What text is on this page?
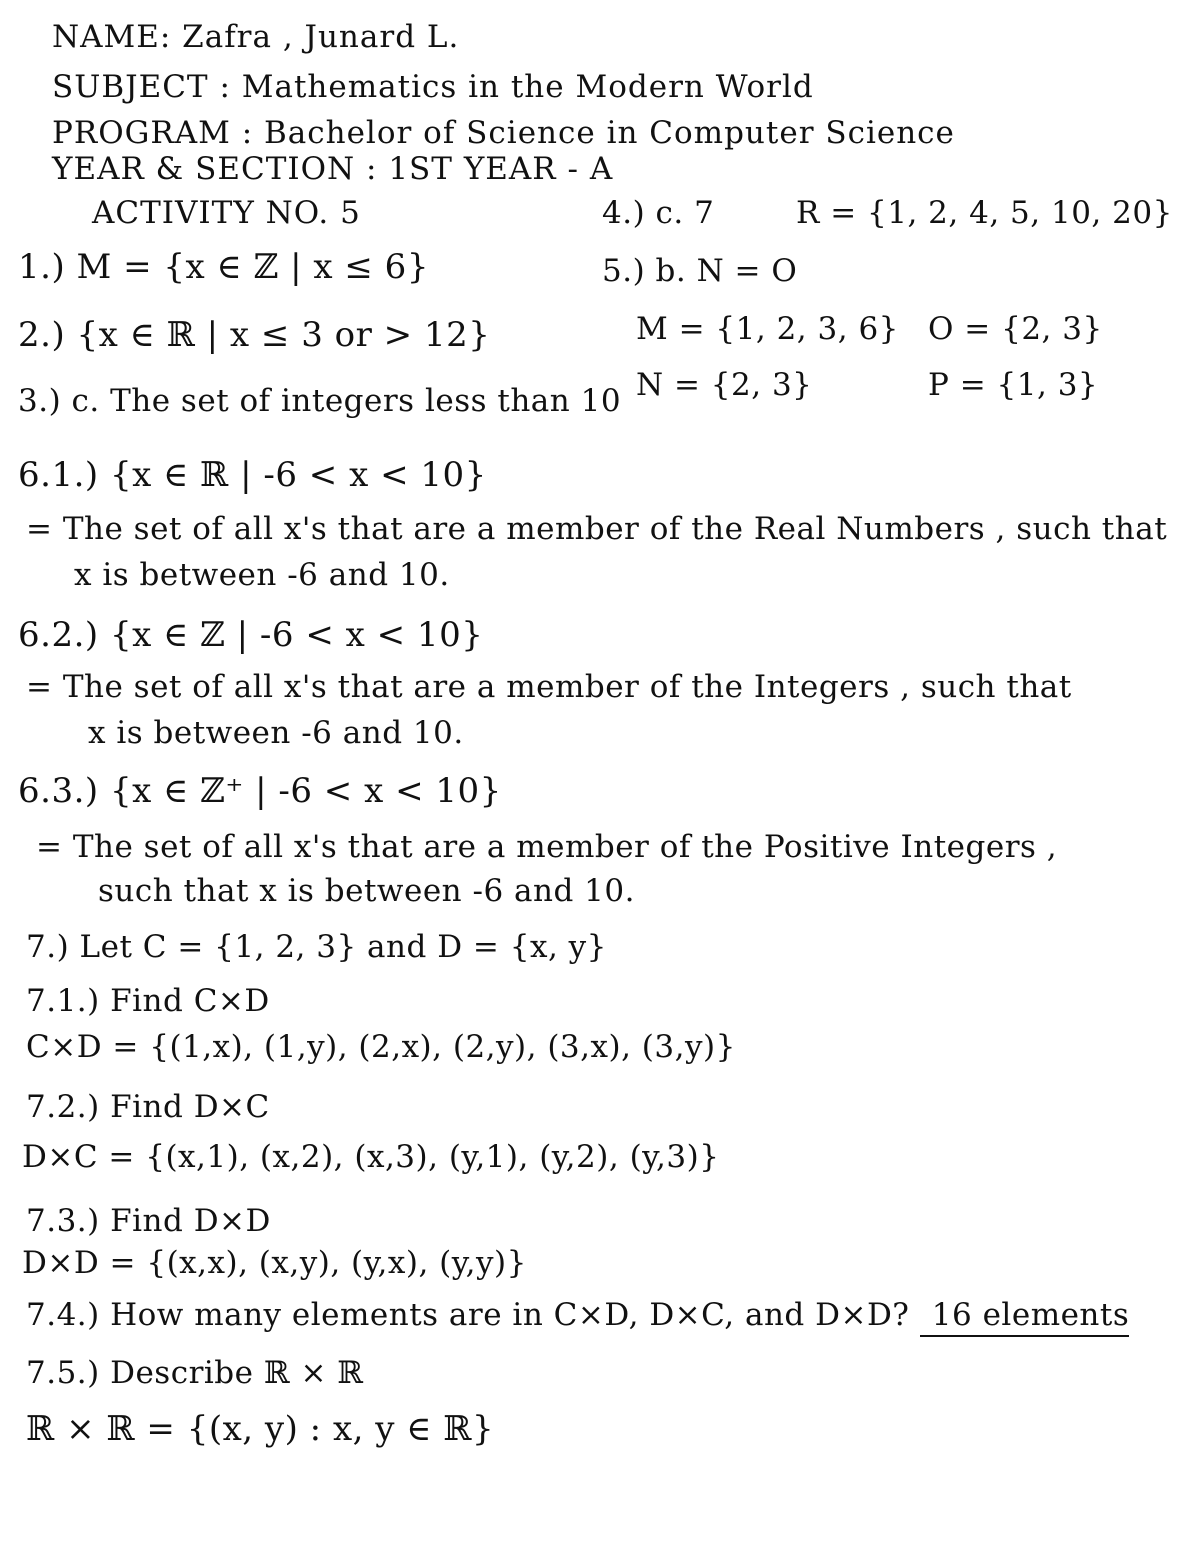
NAME: Zafra , Junard L.
SUBJECT : Mathematics in the Modern World
PROGRAM : Bachelor of Science in Computer Science
YEAR & SECTION : 1ST YEAR - A
ACTIVITY NO. 5
1.) M = {x ∈ ℤ | x ≤ 6}
2.) {x ∈ ℝ | x ≤ 3 or > 12}
3.) c. The set of integers less than 10
4.) c. 7	R = {1, 2, 4, 5, 10, 20}
5.) b. N = O
M = {1, 2, 3, 6} O = {2, 3}
N = {2, 3}	P = {1, 3}
6.1.) {x ∈ ℝ | -6 < x < 10}
= The set of all x's that are a member of the Real Numbers , such that
x is between -6 and 10.
6.2.) {x ∈ ℤ | -6 < x < 10}
= The set of all x's that are a member of the Integers , such that
x is between -6 and 10.
6.3.) {x ∈ ℤ⁺ | -6 < x < 10}
= The set of all x's that are a member of the Positive Integers ,
such that x is between -6 and 10.
7.) Let C = {1, 2, 3} and D = {x, y}
7.1.) Find C×D
C×D = {(1,x), (1,y), (2,x), (2,y), (3,x), (3,y)}
7.2.) Find D×C
D×C = {(x,1), (x,2), (x,3), (y,1), (y,2), (y,3)}
7.3.) Find D×D
D×D = {(x,x), (x,y), (y,x), (y,y)}
7.4.) How many elements are in C×D, D×C, and D×D? 16 elements
7.5.) Describe ℝ × ℝ
ℝ × ℝ = {(x, y) : x, y ∈ ℝ}
